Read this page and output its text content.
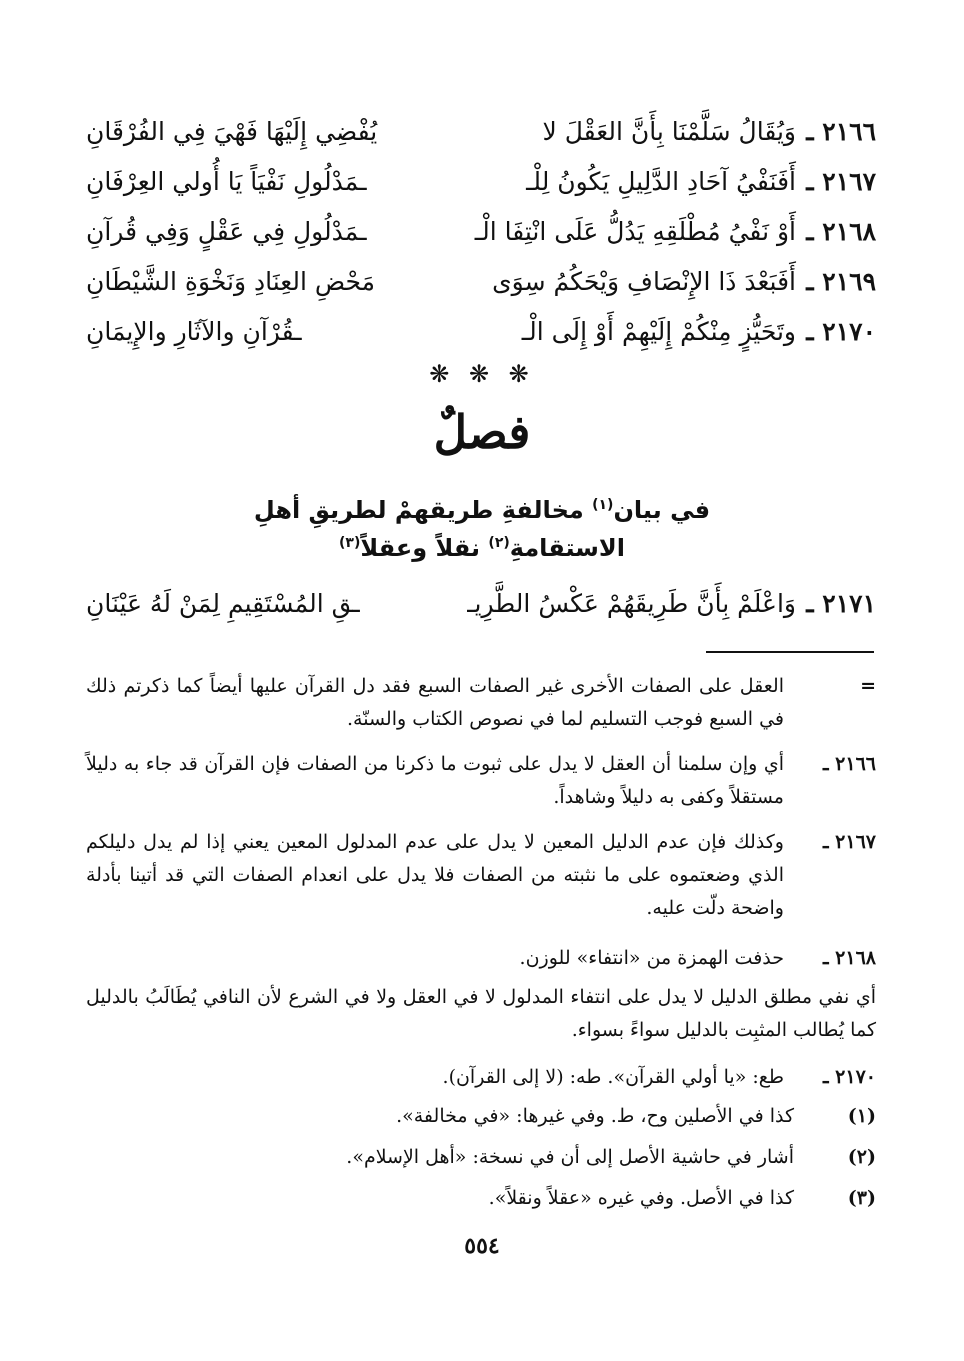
٢١٦٦ ـ
وَيُقَالُ سَلَّمْنَا بِأَنَّ العَقْلَ لا
يُفْضِي إِلَيْهَا فَهْيَ فِي الفُرْقَانِ
٢١٦٧ ـ
أَفَنَفْيُ آحَادِ الدَّلِيلِ يَكُونُ لِلْـ
ـمَدْلُولِ نَفْيَاً يَا أُولي العِرْفَانِ
٢١٦٨ ـ
أَوْ نَفْيُ مُطْلَقِهِ يَدُلُّ عَلَى انْتِفَا الْـ
ـمَدْلُولِ فِي عَقْلٍ وَفِي قُرآنِ
٢١٦٩ ـ
أَفَبَعْدَ ذَا الإِنْصَافِ وَيْحَكُمُ سِوَى
مَحْضِ العِنَادِ وَنَخْوَةِ الشَّيْطَانِ
٢١٧٠ ـ
وتَحَيُّزٍ مِنْكُمْ إِلَيْهِمْ أَوْ إِلَى الْـ
ـقُرْآنِ والآثَارِ والإِيمَانِ
❋ ❋ ❋
فصلٌ
في بيان$^{(١)}$ مخالفةِ طريقهمْ لطريقِ أهلِ
الاستقامةِ$^{(٢)}$ نقلاً وعقلاً$^{(٣)}$
٢١٧١ ـ
وَاعْلَمْ بِأَنَّ طَرِيقَهُمْ عَكْسُ الطَّرِيـ
ـقِ المُسْتَقِيمِ لِمَنْ لَهُ عَيْنَانِ
=
العقل على الصفات الأخرى غير الصفات السبع فقد دل القرآن عليها أيضاً كما ذكرتم ذلك في السبع فوجب التسليم لما في نصوص الكتاب والسنّة.
٢١٦٦ ـ
أي وإن سلمنا أن العقل لا يدل على ثبوت ما ذكرنا من الصفات فإن القرآن قد جاء به دليلاً مستقلاً وكفى به دليلاً وشاهداً.
٢١٦٧ ـ
وكذلك فإن عدم الدليل المعين لا يدل على عدم المدلول المعين يعني إذا لم يدل دليلكم الذي وضعتموه على ما نثبته من الصفات فلا يدل على انعدام الصفات التي قد أتينا بأدلة واضحة دلّت عليه.
٢١٦٨ ـ
حذفت الهمزة من «انتفاء» للوزن.
أي نفي مطلق الدليل لا يدل على انتفاء المدلول لا في العقل ولا في الشرع لأن النافي يُطَالَبُ بالدليل كما يُطالب المثبِت بالدليل سواءً بسواء.
٢١٧٠ ـ
طع: «يا أولي القرآن». طه: (لا إلى القرآن).
(١)
كذا في الأصلين وح، ط. وفي غيرها: «في مخالفة».
(٢)
أشار في حاشية الأصل إلى أن في نسخة: «أهل الإسلام».
(٣)
كذا في الأصل. وفي غيره «عقلاً ونقلاً».
٥٥٤
